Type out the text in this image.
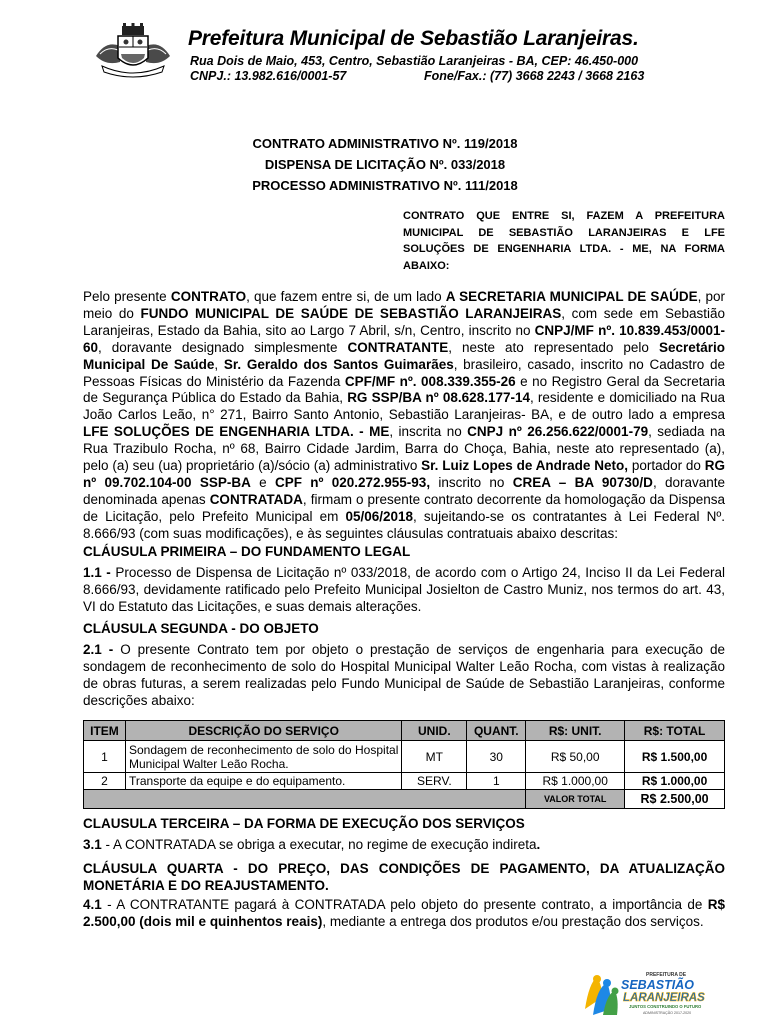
Prefeitura Municipal de Sebastião Laranjeiras.
Rua Dois de Maio, 453, Centro, Sebastião Laranjeiras - BA, CEP: 46.450-000
CNPJ.: 13.982.616/0001-57	Fone/Fax.: (77) 3668 2243 / 3668 2163
CONTRATO ADMINISTRATIVO Nº. 119/2018
DISPENSA DE LICITAÇÃO Nº. 033/2018
PROCESSO ADMINISTRATIVO Nº. 111/2018
CONTRATO QUE ENTRE SI, FAZEM A PREFEITURA MUNICIPAL DE SEBASTIÃO LARANJEIRAS E LFE SOLUÇÕES DE ENGENHARIA LTDA. - ME, NA FORMA ABAIXO:
Pelo presente CONTRATO, que fazem entre si, de um lado A SECRETARIA MUNICIPAL DE SAÚDE, por meio do FUNDO MUNICIPAL DE SAÚDE DE SEBASTIÃO LARANJEIRAS, com sede em Sebastião Laranjeiras, Estado da Bahia, sito ao Largo 7 Abril, s/n, Centro, inscrito no CNPJ/MF nº. 10.839.453/0001-60, doravante designado simplesmente CONTRATANTE, neste ato representado pelo Secretário Municipal De Saúde, Sr. Geraldo dos Santos Guimarães, brasileiro, casado, inscrito no Cadastro de Pessoas Físicas do Ministério da Fazenda CPF/MF nº. 008.339.355-26 e no Registro Geral da Secretaria de Segurança Pública do Estado da Bahia, RG SSP/BA nº 08.628.177-14, residente e domiciliado na Rua João Carlos Leão, n° 271, Bairro Santo Antonio, Sebastião Laranjeiras- BA, e de outro lado a empresa LFE SOLUÇÕES DE ENGENHARIA LTDA. - ME, inscrita no CNPJ nº 26.256.622/0001-79, sediada na Rua Trazibulo Rocha, nº 68, Bairro Cidade Jardim, Barra do Choça, Bahia, neste ato representado (a), pelo (a) seu (ua) proprietário (a)/sócio (a) administrativo Sr. Luiz Lopes de Andrade Neto, portador do RG nº 09.702.104-00 SSP-BA e CPF nº 020.272.955-93, inscrito no CREA – BA 90730/D, doravante denominada apenas CONTRATADA, firmam o presente contrato decorrente da homologação da Dispensa de Licitação, pelo Prefeito Municipal em 05/06/2018, sujeitando-se os contratantes à Lei Federal Nº. 8.666/93 (com suas modificações), e às seguintes cláusulas contratuais abaixo descritas:
CLÁUSULA PRIMEIRA – DO FUNDAMENTO LEGAL
1.1 - Processo de Dispensa de Licitação nº 033/2018, de acordo com o Artigo 24, Inciso II da Lei Federal 8.666/93, devidamente ratificado pelo Prefeito Municipal Josielton de Castro Muniz, nos termos do art. 43, VI do Estatuto das Licitações, e suas demais alterações.
CLÁUSULA SEGUNDA - DO OBJETO
2.1 - O presente Contrato tem por objeto o prestação de serviços de engenharia para execução de sondagem de reconhecimento de solo do Hospital Municipal Walter Leão Rocha, com vistas à realização de obras futuras, a serem realizadas pelo Fundo Municipal de Saúde de Sebastião Laranjeiras, conforme descrições abaixo:
ITEM	DESCRIÇÃO DO SERVIÇO	UNID.	QUANT.	R$: UNIT.	R$: TOTAL
1	Sondagem de reconhecimento de solo do Hospital Municipal Walter Leão Rocha.	MT	30	R$ 50,00	R$ 1.500,00
2	Transporte da equipe e do equipamento.	SERV.	1	R$ 1.000,00	R$ 1.000,00
				VALOR TOTAL	R$ 2.500,00
CLAUSULA TERCEIRA – DA FORMA DE EXECUÇÃO DOS SERVIÇOS
3.1 - A CONTRATADA se obriga a executar, no regime de execução indireta.
CLÁUSULA QUARTA - DO PREÇO, DAS CONDIÇÕES DE PAGAMENTO, DA ATUALIZAÇÃO MONETÁRIA E DO REAJUSTAMENTO.
4.1 - A CONTRATANTE pagará à CONTRATADA pelo objeto do presente contrato, a importância de R$ 2.500,00 (dois mil e quinhentos reais), mediante a entrega dos produtos e/ou prestação dos serviços.
PREFEITURA DE
SEBASTIÃO
LARANJEIRAS
JUNTOS CONSTRUINDO O FUTURO
ADMINISTRAÇÃO 2017-2020
